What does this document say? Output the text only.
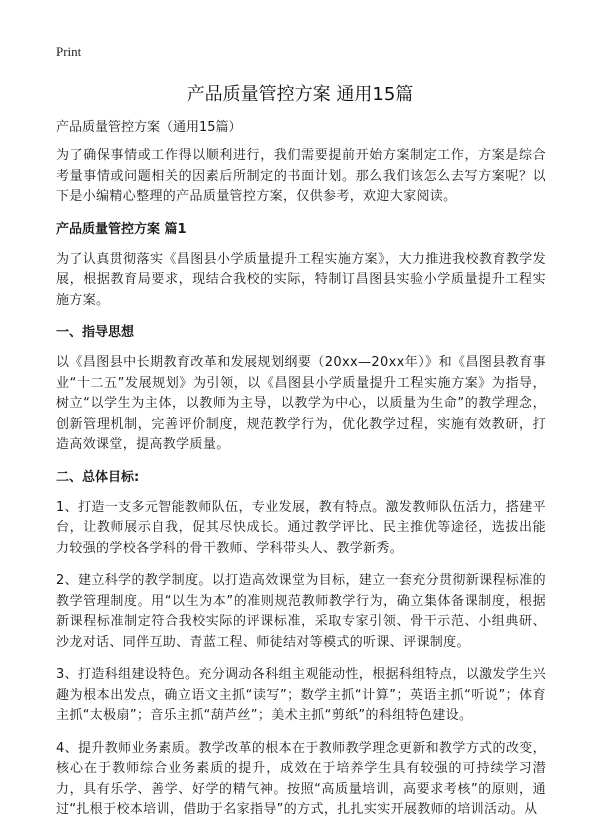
Print
产品质量管控方案 通用15篇

产品质量管控方案（通用15篇）

为了确保事情或工作得以顺利进行，我们需要提前开始方案制定工作，方案是综合考量事情或问题相关的因素后所制定的书面计划。那么我们该怎么去写方案呢？以下是小编精心整理的产品质量管控方案，仅供参考，欢迎大家阅读。

产品质量管控方案 篇1

为了认真贯彻落实《昌图县小学质量提升工程实施方案》，大力推进我校教育教学发展，根据教育局要求，现结合我校的实际，特制订昌图县实验小学质量提升工程实施方案。

一、指导思想

以《昌图县中长期教育改革和发展规划纲要（20xx—20xx年）》和《昌图县教育事业“十二五”发展规划》为引领，以《昌图县小学质量提升工程实施方案》为指导，树立“以学生为主体，以教师为主导，以教学为中心，以质量为生命”的教学理念，创新管理机制，完善评价制度，规范教学行为，优化教学过程，实施有效教研，打造高效课堂，提高教学质量。

二、总体目标:

1、打造一支多元智能教师队伍，专业发展，教有特点。激发教师队伍活力，搭建平台，让教师展示自我，促其尽快成长。通过教学评比、民主推优等途径，选拔出能力较强的学校各学科的骨干教师、学科带头人、教学新秀。

2、建立科学的教学制度。以打造高效课堂为目标，建立一套充分贯彻新课程标准的教学管理制度。用“以生为本”的准则规范教师教学行为，确立集体备课制度，根据新课程标准制定符合我校实际的评课标准，采取专家引领、骨干示范、小组典研、沙龙对话、同伴互助、青蓝工程、师徒结对等模式的听课、评课制度。

3、打造科组建设特色。充分调动各科组主观能动性，根据科组特点，以激发学生兴趣为根本出发点，确立语文主抓“读写”；数学主抓“计算”；英语主抓“听说”；体育主抓“太极扇”；音乐主抓“葫芦丝”；美术主抓“剪纸”的科组特色建设。

4、提升教师业务素质。教学改革的根本在于教师教学理念更新和教学方式的改变，核心在于教师综合业务素质的提升，成效在于培养学生具有较强的可持续学习潜力，具有乐学、善学、好学的精气神。按照“高质量培训，高要求考核”的原则，通过“扎根于校本培训，借助于名家指导”的方式，扎扎实实开展教师的培训活动。从
